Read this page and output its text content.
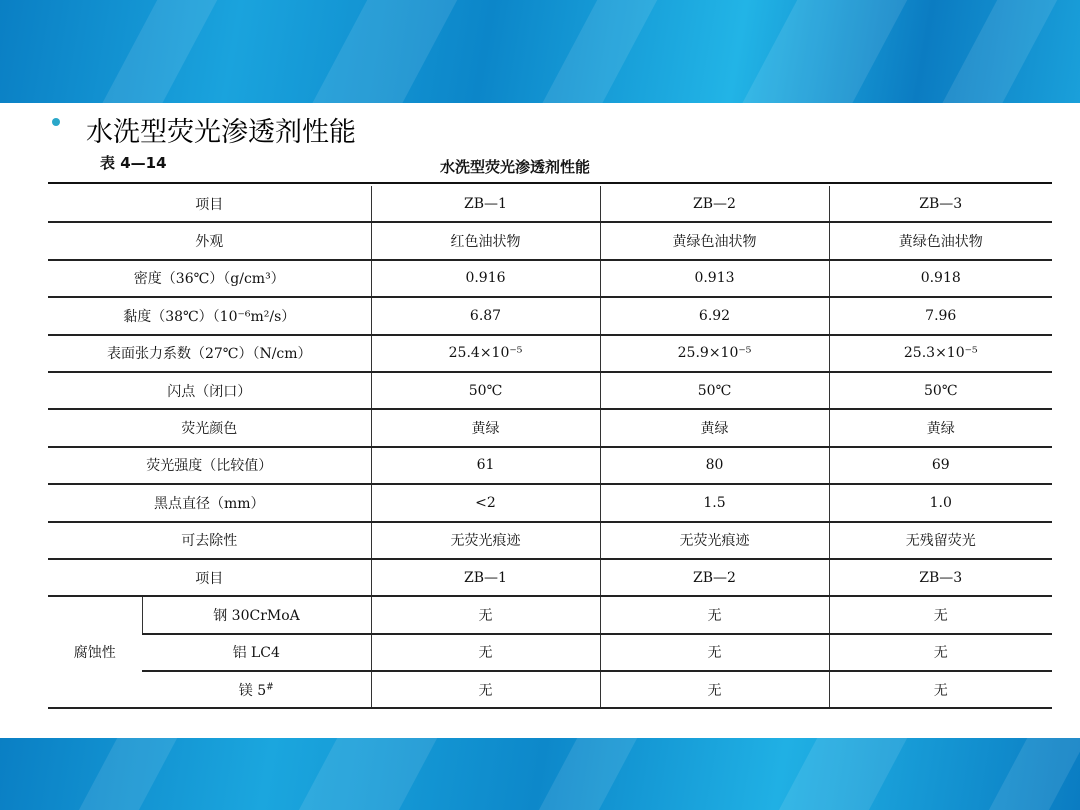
水洗型荧光渗透剂性能
表 4—14	水洗型荧光渗透剂性能
项目		ZB—1	ZB—2	ZB—3
外观		红色油状物	黄绿色油状物	黄绿色油状物
密度（36℃）（g/cm³）		0.916	0.913	0.918
黏度（38℃）（10⁻⁶m²/s）		6.87	6.92	7.96
表面张力系数（27℃）（N/cm）		25.4×10⁻⁵	25.9×10⁻⁵	25.3×10⁻⁵
闪点（闭口）		50℃	50℃	50℃
荧光颜色		黄绿	黄绿	黄绿
荧光强度（比较值）		61	80	69
黑点直径（mm）		<2	1.5	1.0
可去除性		无荧光痕迹	无荧光痕迹	无残留荧光
项目		ZB—1	ZB—2	ZB—3
腐蚀性	钢 30CrMoA	无	无	无
	铝 LC4	无	无	无
	镁 5#	无	无	无
